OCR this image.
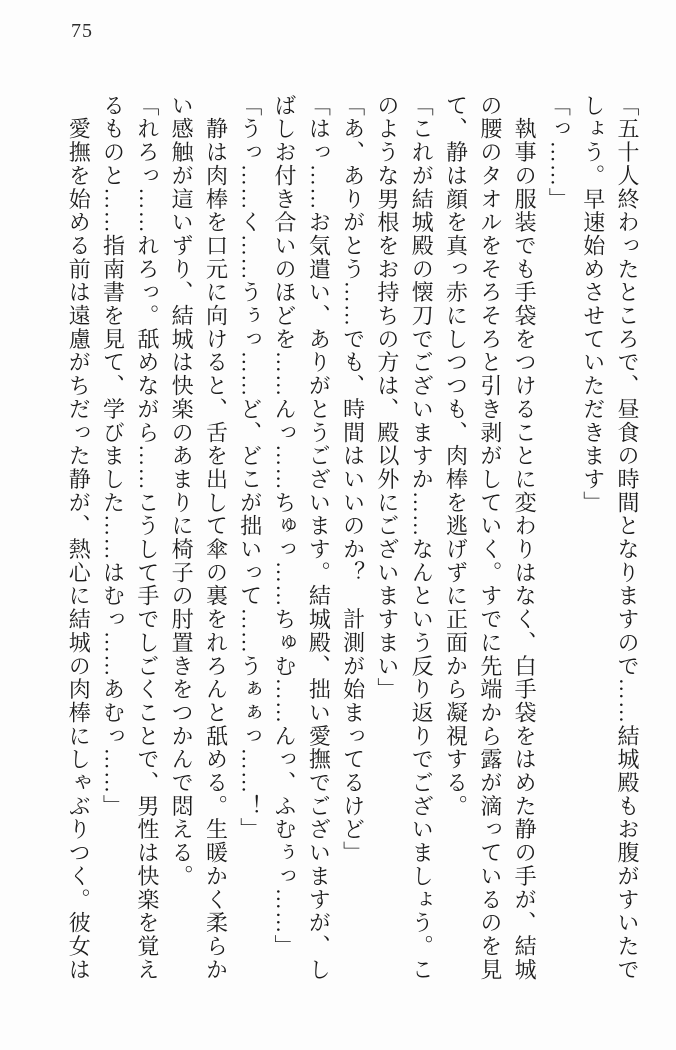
75
「五十人終わったところで、昼食の時間となりますので……結城殿もお腹がすいたで
しょう。早速始めさせていただきます」
「っ……」
　執事の服装でも手袋をつけることに変わりはなく、白手袋をはめた静の手が、結城
の腰のタオルをそろそろと引き剥がしていく。すでに先端から露が滴っているのを見
て、静は顔を真っ赤にしつつも、肉棒を逃げずに正面から凝視する。
「これが結城殿の懐刀でございますか……なんという反り返りでございましょう。こ
のような男根をお持ちの方は、殿以外にございますまい」
「あ、ありがとう……でも、時間はいいのか？　計測が始まってるけど」
「はっ……お気遣い、ありがとうございます。結城殿、拙い愛撫でございますが、し
ばしお付き合いのほどを……んっ……ちゅっ……ちゅむ……んっ、ふむぅっ……」
「うっ……く……うぅっ……ど、どこが拙いって……うぁぁっ……！」
　静は肉棒を口元に向けると、舌を出して傘の裏をれろんと舐める。生暖かく柔らか
い感触が這いずり、結城は快楽のあまりに椅子の肘置きをつかんで悶える。
「れろっ……れろっ。舐めながら……こうして手でしごくことで、男性は快楽を覚え
るものと……指南書を見て、学びました……はむっ……あむっ……」
　愛撫を始める前は遠慮がちだった静が、熱心に結城の肉棒にしゃぶりつく。彼女は
